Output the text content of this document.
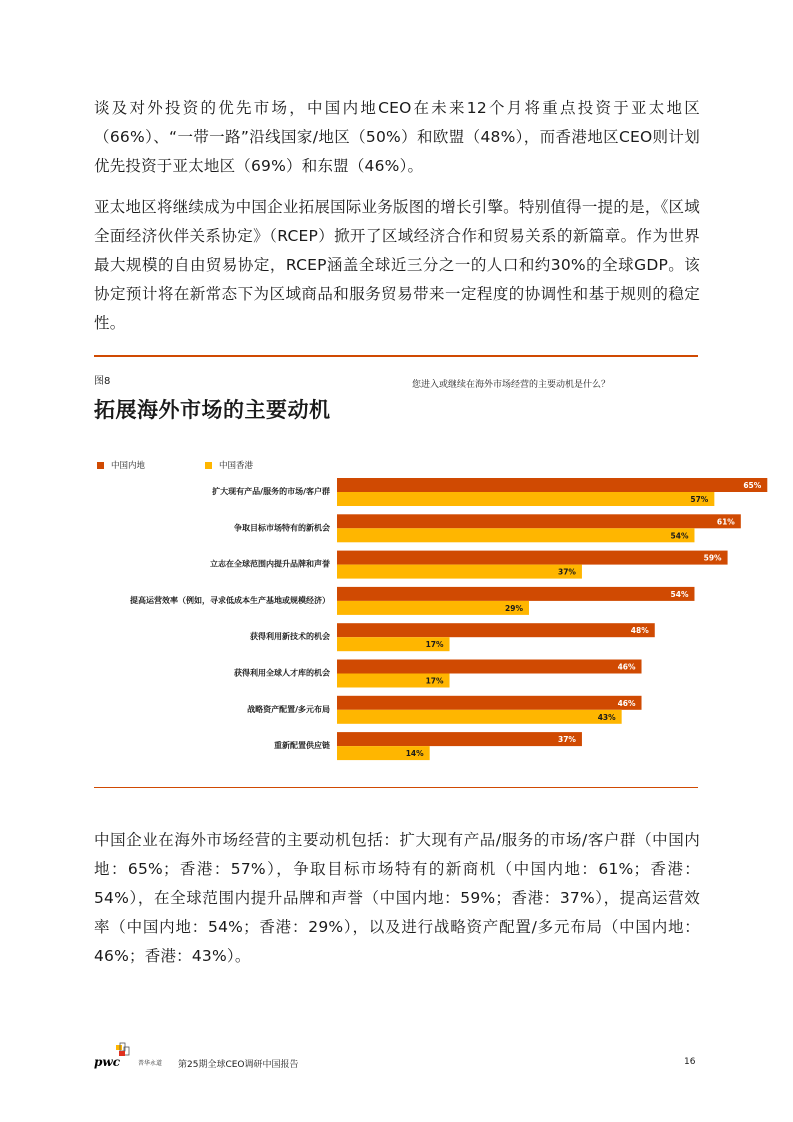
谈及对外投资的优先市场，中国内地CEO在未来12个月将重点投资于亚太地区（66%）、“一带一路”沿线国家/地区（50%）和欧盟（48%），而香港地区CEO则计划优先投资于亚太地区（69%）和东盟（46%）。

亚太地区将继续成为中国企业拓展国际业务版图的增长引擎。特别值得一提的是，《区域全面经济伙伴关系协定》（RCEP）掀开了区域经济合作和贸易关系的新篇章。作为世界最大规模的自由贸易协定，RCEP涵盖全球近三分之一的人口和约30%的全球GDP。该协定预计将在新常态下为区域商品和服务贸易带来一定程度的协调性和基于规则的稳定性。

图8	您进入或继续在海外市场经营的主要动机是什么？
拓展海外市场的主要动机
中国内地	中国香港
扩大现有产品/服务的市场/客户群
65%
57%
争取目标市场特有的新机会
61%
54%
立志在全球范围内提升品牌和声誉
59%
37%
提高运营效率（例如，寻求低成本生产基地或规模经济）
54%
29%
获得利用新技术的机会
48%
17%
获得利用全球人才库的机会
46%
17%
战略资产配置/多元布局
46%
43%
重新配置供应链
37%
14%

中国企业在海外市场经营的主要动机包括：扩大现有产品/服务的市场/客户群（中国内地：65%；香港：57%），争取目标市场特有的新商机（中国内地：61%；香港：54%），在全球范围内提升品牌和声誉（中国内地：59%；香港：37%），提高运营效率（中国内地：54%；香港：29%），以及进行战略资产配置/多元布局（中国内地：46%；香港：43%）。

pwc	普华永道 第25期全球CEO调研中国报告	16
